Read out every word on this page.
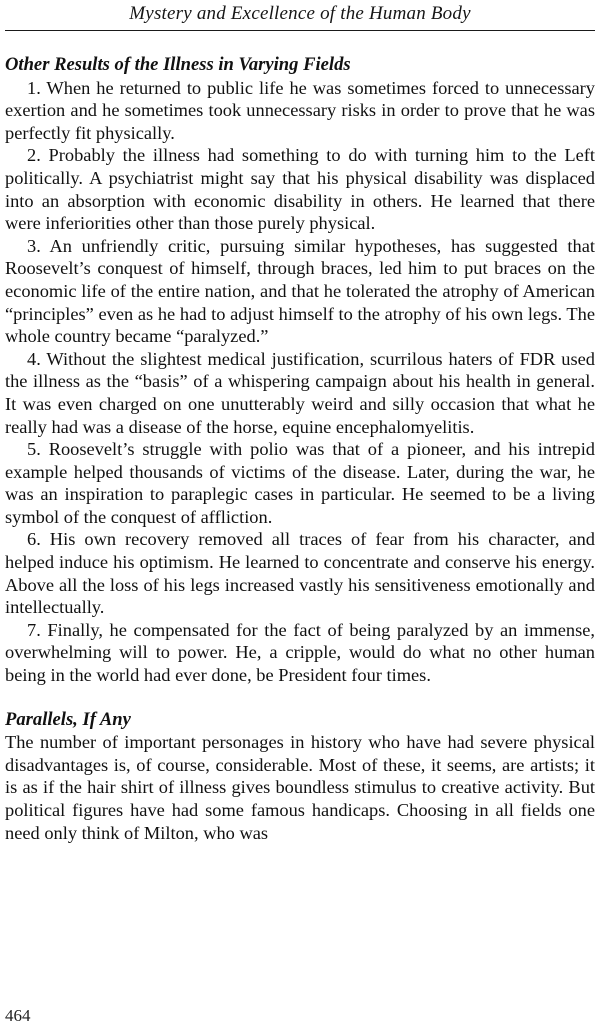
Mystery and Excellence of the Human Body
Other Results of the Illness in Varying Fields

1. When he returned to public life he was sometimes forced to unnecessary exertion and he sometimes took unnecessary risks in order to prove that he was perfectly fit physically.

2. Probably the illness had something to do with turning him to the Left politically. A psychiatrist might say that his physical disability was displaced into an absorption with economic disability in others. He learned that there were inferiorities other than those purely physical.

3. An unfriendly critic, pursuing similar hypotheses, has suggested that Roosevelt’s conquest of himself, through braces, led him to put braces on the economic life of the entire nation, and that he tolerated the atrophy of American “principles” even as he had to adjust himself to the atrophy of his own legs. The whole country became “paralyzed.”

4. Without the slightest medical justification, scurrilous haters of FDR used the illness as the “basis” of a whispering campaign about his health in general. It was even charged on one unutterably weird and silly occasion that what he really had was a disease of the horse, equine encephalomyelitis.

5. Roosevelt’s struggle with polio was that of a pioneer, and his intrepid example helped thousands of victims of the disease. Later, during the war, he was an inspiration to paraplegic cases in particular. He seemed to be a living symbol of the conquest of affliction.

6. His own recovery removed all traces of fear from his character, and helped induce his optimism. He learned to concentrate and conserve his energy. Above all the loss of his legs increased vastly his sensitiveness emotionally and intellectually.

7. Finally, he compensated for the fact of being paralyzed by an immense, overwhelming will to power. He, a cripple, would do what no other human being in the world had ever done, be President four times.

Parallels, If Any

The number of important personages in history who have had severe physical disadvantages is, of course, considerable. Most of these, it seems, are artists; it is as if the hair shirt of illness gives boundless stimulus to creative activity. But political figures have had some famous handicaps. Choosing in all fields one need only think of Milton, who was

464
